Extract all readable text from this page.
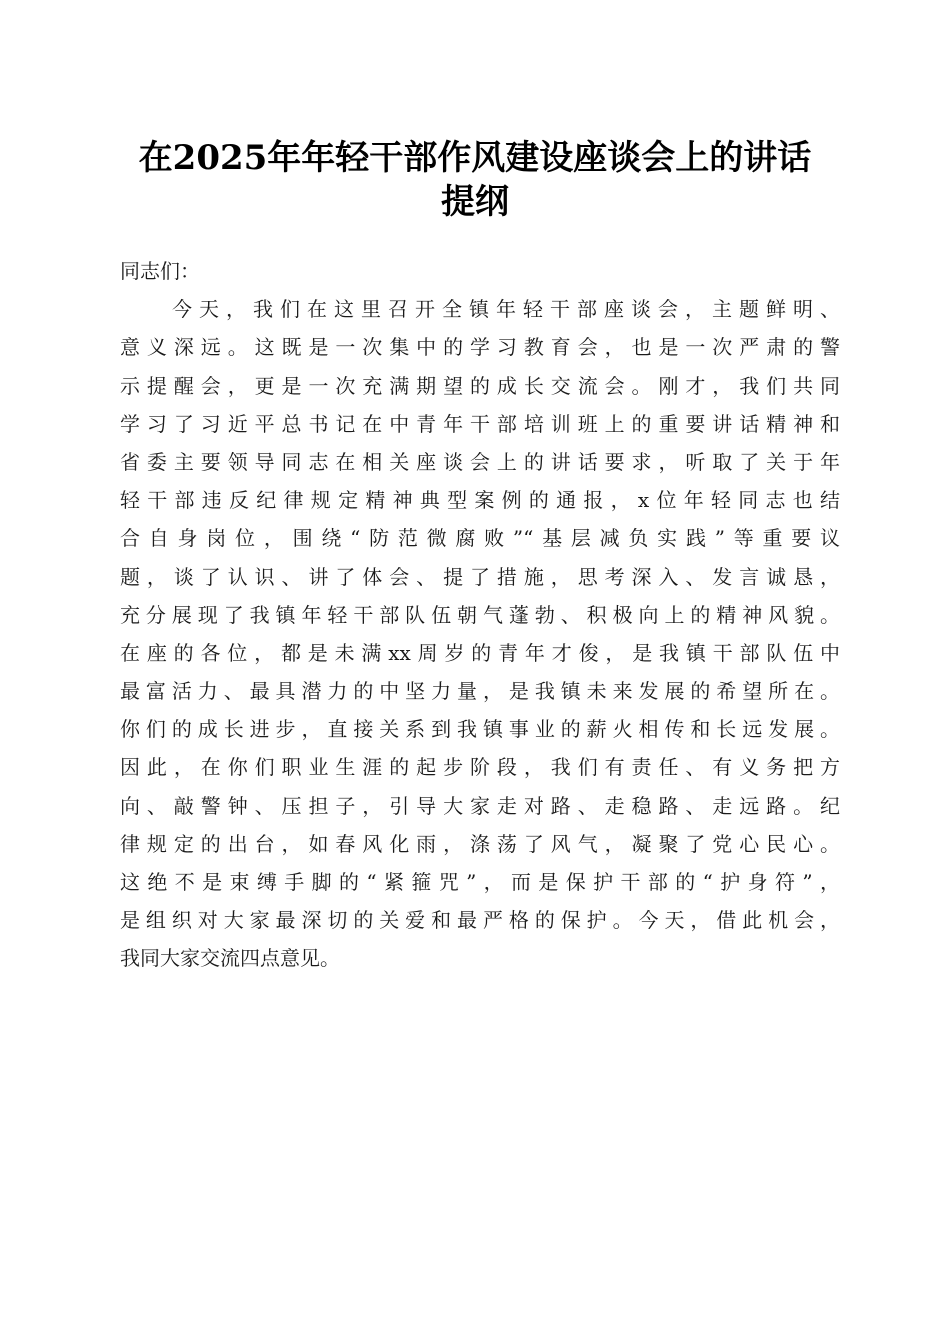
在2025年年轻干部作风建设座谈会上的讲话
提纲
同志们：
今天，我们在这里召开全镇年轻干部座谈会，主题鲜明、
意义深远。这既是一次集中的学习教育会，也是一次严肃的警
示提醒会，更是一次充满期望的成长交流会。刚才，我们共同
学习了习近平总书记在中青年干部培训班上的重要讲话精神和
省委主要领导同志在相关座谈会上的讲话要求，听取了关于年
轻干部违反纪律规定精神典型案例的通报，x位年轻同志也结
合自身岗位，围绕“防范微腐败”“基层减负实践”等重要议
题，谈了认识、讲了体会、提了措施，思考深入、发言诚恳，
充分展现了我镇年轻干部队伍朝气蓬勃、积极向上的精神风貌。
在座的各位，都是未满xx周岁的青年才俊，是我镇干部队伍中
最富活力、最具潜力的中坚力量，是我镇未来发展的希望所在。
你们的成长进步，直接关系到我镇事业的薪火相传和长远发展。
因此，在你们职业生涯的起步阶段，我们有责任、有义务把方
向、敲警钟、压担子，引导大家走对路、走稳路、走远路。纪
律规定的出台，如春风化雨，涤荡了风气，凝聚了党心民心。
这绝不是束缚手脚的“紧箍咒”，而是保护干部的“护身符”，
是组织对大家最深切的关爱和最严格的保护。今天，借此机会，
我同大家交流四点意见。
